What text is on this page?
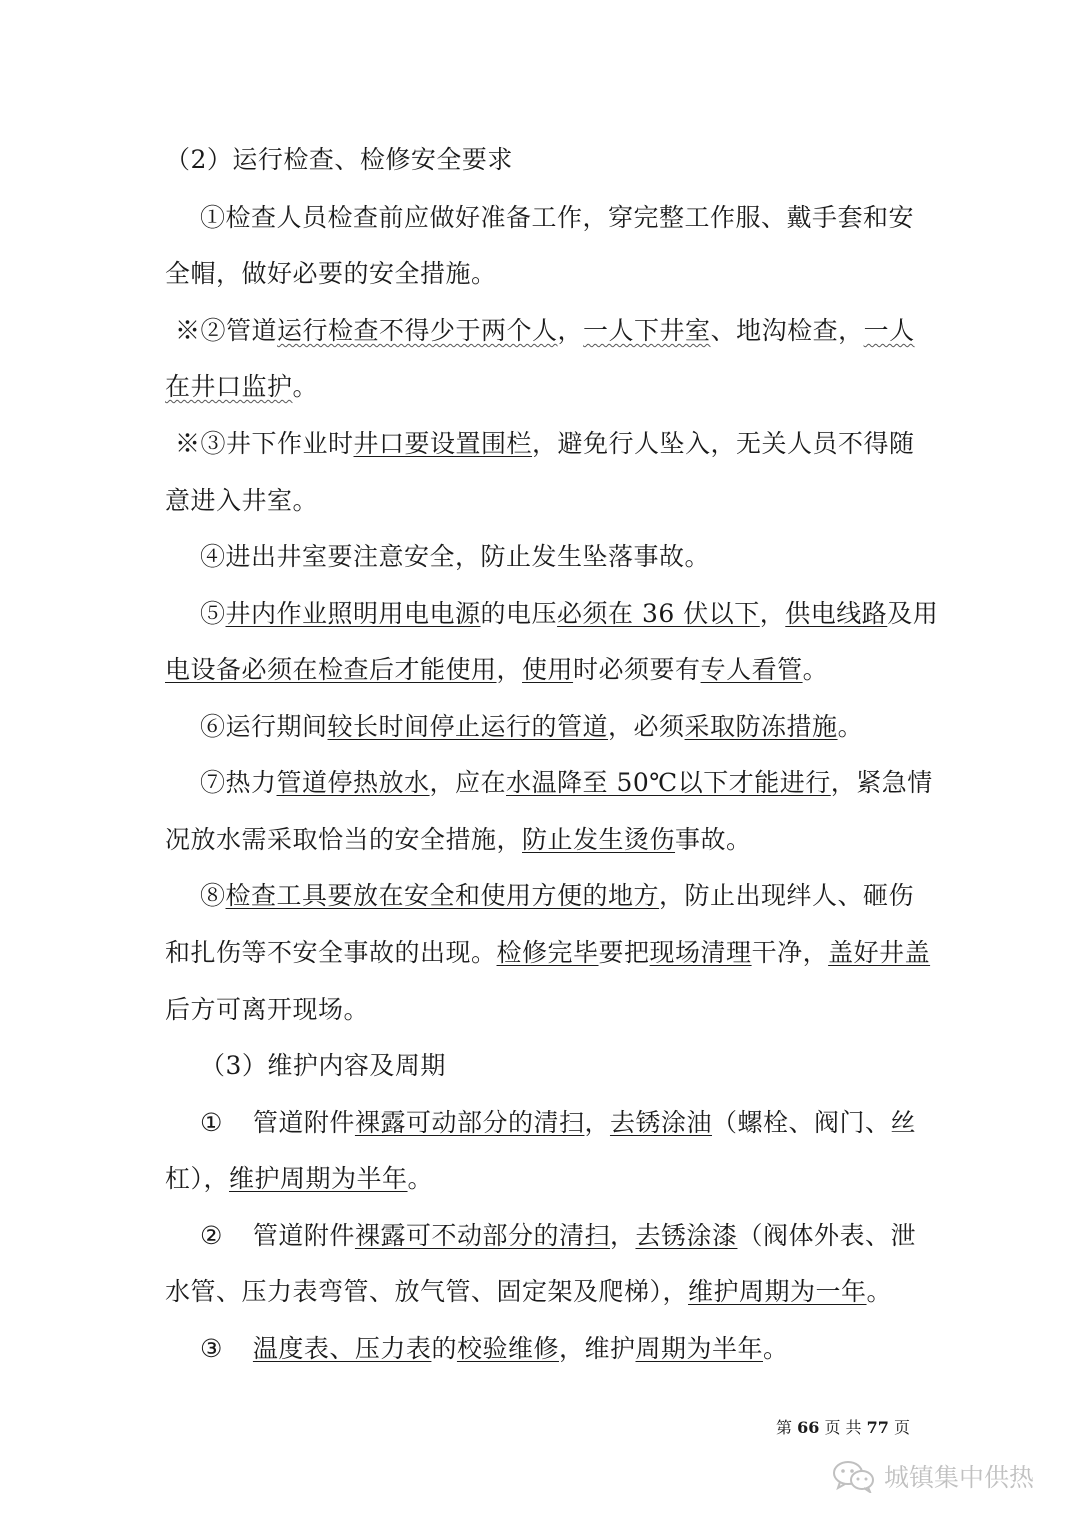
（2）运行检查、检修安全要求
①检查人员检查前应做好准备工作，穿完整工作服、戴手套和安
全帽，做好必要的安全措施。
※②管道运行检查不得少于两个人，一人下井室、地沟检查，一人
在井口监护。
※③井下作业时井口要设置围栏，避免行人坠入，无关人员不得随
意进入井室。
④进出井室要注意安全，防止发生坠落事故。
⑤井内作业照明用电电源的电压必须在 36 伏以下，供电线路及用
电设备必须在检查后才能使用，使用时必须要有专人看管。
⑥运行期间较长时间停止运行的管道，必须采取防冻措施。
⑦热力管道停热放水，应在水温降至 50℃以下才能进行，紧急情
况放水需采取恰当的安全措施，防止发生烫伤事故。
⑧检查工具要放在安全和使用方便的地方，防止出现绊人、砸伤
和扎伤等不安全事故的出现。检修完毕要把现场清理干净，盖好井盖
后方可离开现场。
（3）维护内容及周期
① 管道附件裸露可动部分的清扫，去锈涂油（螺栓、阀门、丝
杠），维护周期为半年。
② 管道附件裸露可不动部分的清扫，去锈涂漆（阀体外表、泄
水管、压力表弯管、放气管、固定架及爬梯），维护周期为一年。
③ 温度表、压力表的校验维修，维护周期为半年。
第 66 页 共 77 页
城镇集中供热
